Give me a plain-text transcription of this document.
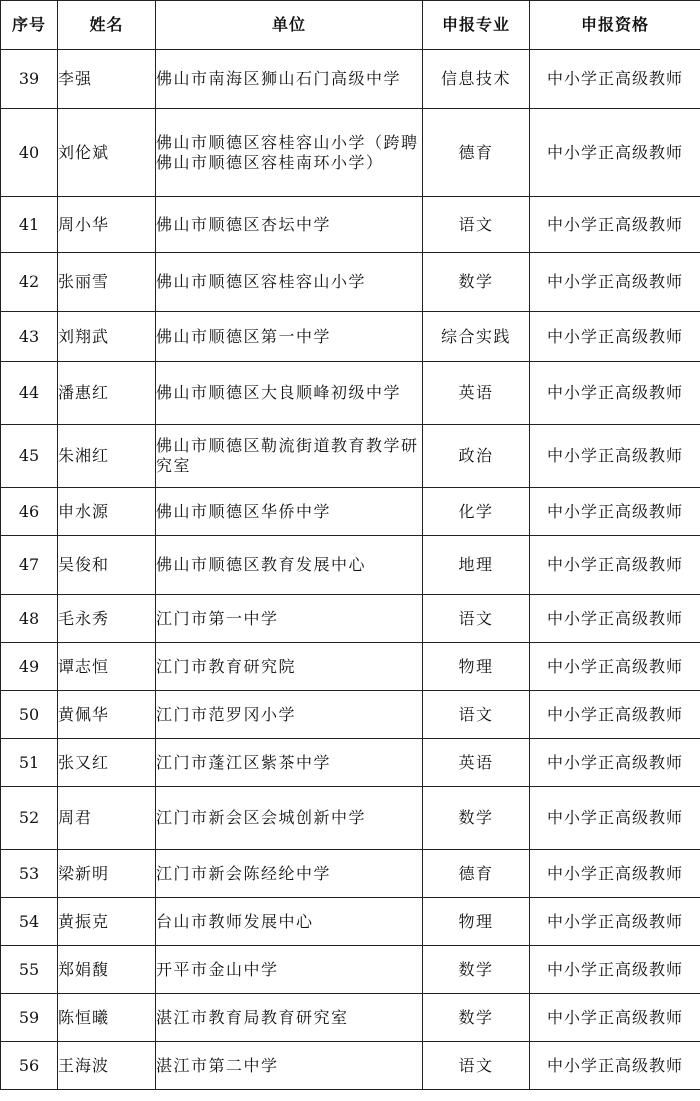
序号	姓名	单位	申报专业	申报资格
39	李强	佛山市南海区狮山石门高级中学	信息技术	中小学正高级教师
40	刘伦斌	佛山市顺德区容桂容山小学（跨聘佛山市顺德区容桂南环小学）	德育	中小学正高级教师
41	周小华	佛山市顺德区杏坛中学	语文	中小学正高级教师
42	张丽雪	佛山市顺德区容桂容山小学	数学	中小学正高级教师
43	刘翔武	佛山市顺德区第一中学	综合实践	中小学正高级教师
44	潘惠红	佛山市顺德区大良顺峰初级中学	英语	中小学正高级教师
45	朱湘红	佛山市顺德区勒流街道教育教学研究室	政治	中小学正高级教师
46	申水源	佛山市顺德区华侨中学	化学	中小学正高级教师
47	吴俊和	佛山市顺德区教育发展中心	地理	中小学正高级教师
48	毛永秀	江门市第一中学	语文	中小学正高级教师
49	谭志恒	江门市教育研究院	物理	中小学正高级教师
50	黄佩华	江门市范罗冈小学	语文	中小学正高级教师
51	张又红	江门市蓬江区紫茶中学	英语	中小学正高级教师
52	周君	江门市新会区会城创新中学	数学	中小学正高级教师
53	梁新明	江门市新会陈经纶中学	德育	中小学正高级教师
54	黄振克	台山市教师发展中心	物理	中小学正高级教师
55	郑娟馥	开平市金山中学	数学	中小学正高级教师
59	陈恒曦	湛江市教育局教育研究室	数学	中小学正高级教师
56	王海波	湛江市第二中学	语文	中小学正高级教师
